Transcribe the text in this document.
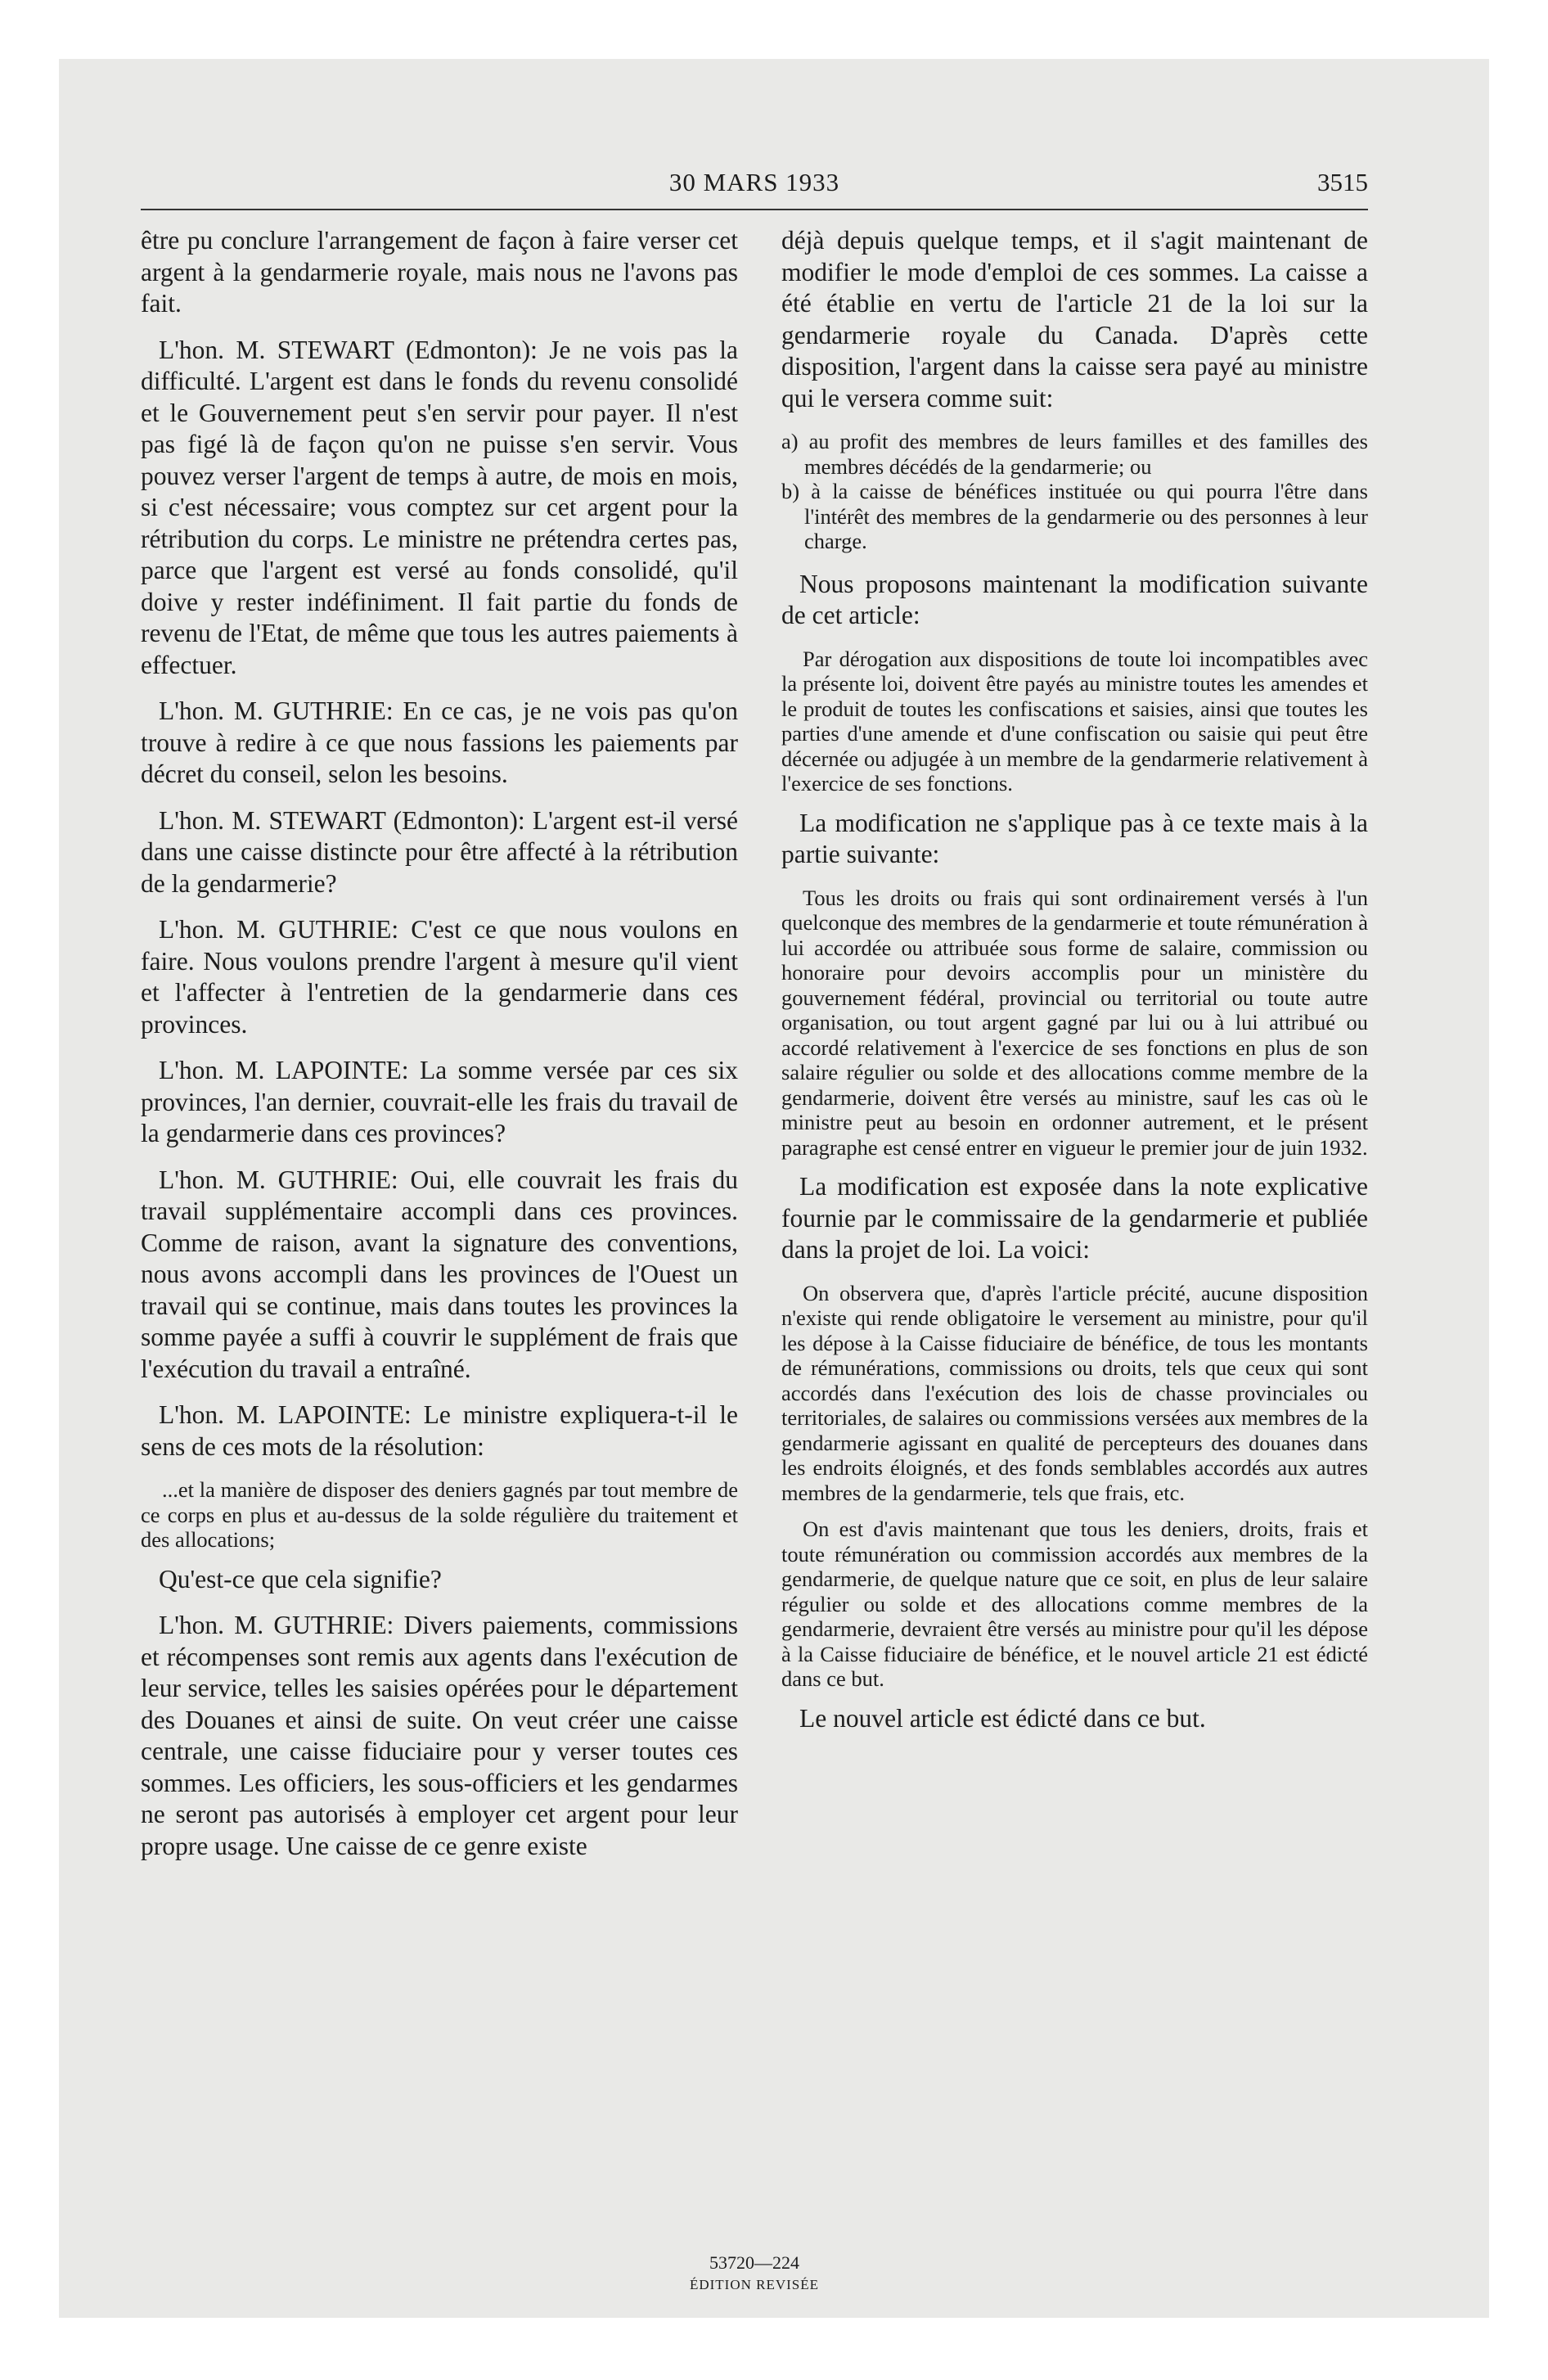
30 MARS 1933	3515

être pu conclure l'arrangement de façon à faire verser cet argent à la gendarmerie royale, mais nous ne l'avons pas fait.

L'hon. M. STEWART (Edmonton): Je ne vois pas la difficulté. L'argent est dans le fonds du revenu consolidé et le Gouvernement peut s'en servir pour payer. Il n'est pas figé là de façon qu'on ne puisse s'en servir. Vous pouvez verser l'argent de temps à autre, de mois en mois, si c'est nécessaire; vous comptez sur cet argent pour la rétribution du corps. Le ministre ne prétendra certes pas, parce que l'argent est versé au fonds consolidé, qu'il doive y rester indéfiniment. Il fait partie du fonds de revenu de l'Etat, de même que tous les autres paiements à effectuer.

L'hon. M. GUTHRIE: En ce cas, je ne vois pas qu'on trouve à redire à ce que nous fassions les paiements par décret du conseil, selon les besoins.

L'hon. M. STEWART (Edmonton): L'argent est-il versé dans une caisse distincte pour être affecté à la rétribution de la gendarmerie?

L'hon. M. GUTHRIE: C'est ce que nous voulons en faire. Nous voulons prendre l'argent à mesure qu'il vient et l'affecter à l'entretien de la gendarmerie dans ces provinces.

L'hon. M. LAPOINTE: La somme versée par ces six provinces, l'an dernier, couvrait-elle les frais du travail de la gendarmerie dans ces provinces?

L'hon. M. GUTHRIE: Oui, elle couvrait les frais du travail supplémentaire accompli dans ces provinces. Comme de raison, avant la signature des conventions, nous avons accompli dans les provinces de l'Ouest un travail qui se continue, mais dans toutes les provinces la somme payée a suffi à couvrir le supplément de frais que l'exécution du travail a entraîné.

L'hon. M. LAPOINTE: Le ministre expliquera-t-il le sens de ces mots de la résolution:

...et la manière de disposer des deniers gagnés par tout membre de ce corps en plus et au-dessus de la solde régulière du traitement et des allocations;

Qu'est-ce que cela signifie?

L'hon. M. GUTHRIE: Divers paiements, commissions et récompenses sont remis aux agents dans l'exécution de leur service, telles les saisies opérées pour le département des Douanes et ainsi de suite. On veut créer une caisse centrale, une caisse fiduciaire pour y verser toutes ces sommes. Les officiers, les sous-officiers et les gendarmes ne seront pas autorisés à employer cet argent pour leur propre usage. Une caisse de ce genre existe

déjà depuis quelque temps, et il s'agit maintenant de modifier le mode d'emploi de ces sommes. La caisse a été établie en vertu de l'article 21 de la loi sur la gendarmerie royale du Canada. D'après cette disposition, l'argent dans la caisse sera payé au ministre qui le versera comme suit:

a) au profit des membres de leurs familles et des familles des membres décédés de la gendarmerie; ou

b) à la caisse de bénéfices instituée ou qui pourra l'être dans l'intérêt des membres de la gendarmerie ou des personnes à leur charge.

Nous proposons maintenant la modification suivante de cet article:

Par dérogation aux dispositions de toute loi incompatibles avec la présente loi, doivent être payés au ministre toutes les amendes et le produit de toutes les confiscations et saisies, ainsi que toutes les parties d'une amende et d'une confiscation ou saisie qui peut être décernée ou adjugée à un membre de la gendarmerie relativement à l'exercice de ses fonctions.

La modification ne s'applique pas à ce texte mais à la partie suivante:

Tous les droits ou frais qui sont ordinairement versés à l'un quelconque des membres de la gendarmerie et toute rémunération à lui accordée ou attribuée sous forme de salaire, commission ou honoraire pour devoirs accomplis pour un ministère du gouvernement fédéral, provincial ou territorial ou toute autre organisation, ou tout argent gagné par lui ou à lui attribué ou accordé relativement à l'exercice de ses fonctions en plus de son salaire régulier ou solde et des allocations comme membre de la gendarmerie, doivent être versés au ministre, sauf les cas où le ministre peut au besoin en ordonner autrement, et le présent paragraphe est censé entrer en vigueur le premier jour de juin 1932.

La modification est exposée dans la note explicative fournie par le commissaire de la gendarmerie et publiée dans la projet de loi. La voici:

On observera que, d'après l'article précité, aucune disposition n'existe qui rende obligatoire le versement au ministre, pour qu'il les dépose à la Caisse fiduciaire de bénéfice, de tous les montants de rémunérations, commissions ou droits, tels que ceux qui sont accordés dans l'exécution des lois de chasse provinciales ou territoriales, de salaires ou commissions versées aux membres de la gendarmerie agissant en qualité de percepteurs des douanes dans les endroits éloignés, et des fonds semblables accordés aux autres membres de la gendarmerie, tels que frais, etc.

On est d'avis maintenant que tous les deniers, droits, frais et toute rémunération ou commission accordés aux membres de la gendarmerie, de quelque nature que ce soit, en plus de leur salaire régulier ou solde et des allocations comme membres de la gendarmerie, devraient être versés au ministre pour qu'il les dépose à la Caisse fiduciaire de bénéfice, et le nouvel article 21 est édicté dans ce but.

Le nouvel article est édicté dans ce but.

53720—224
ÉDITION REVISÉE
